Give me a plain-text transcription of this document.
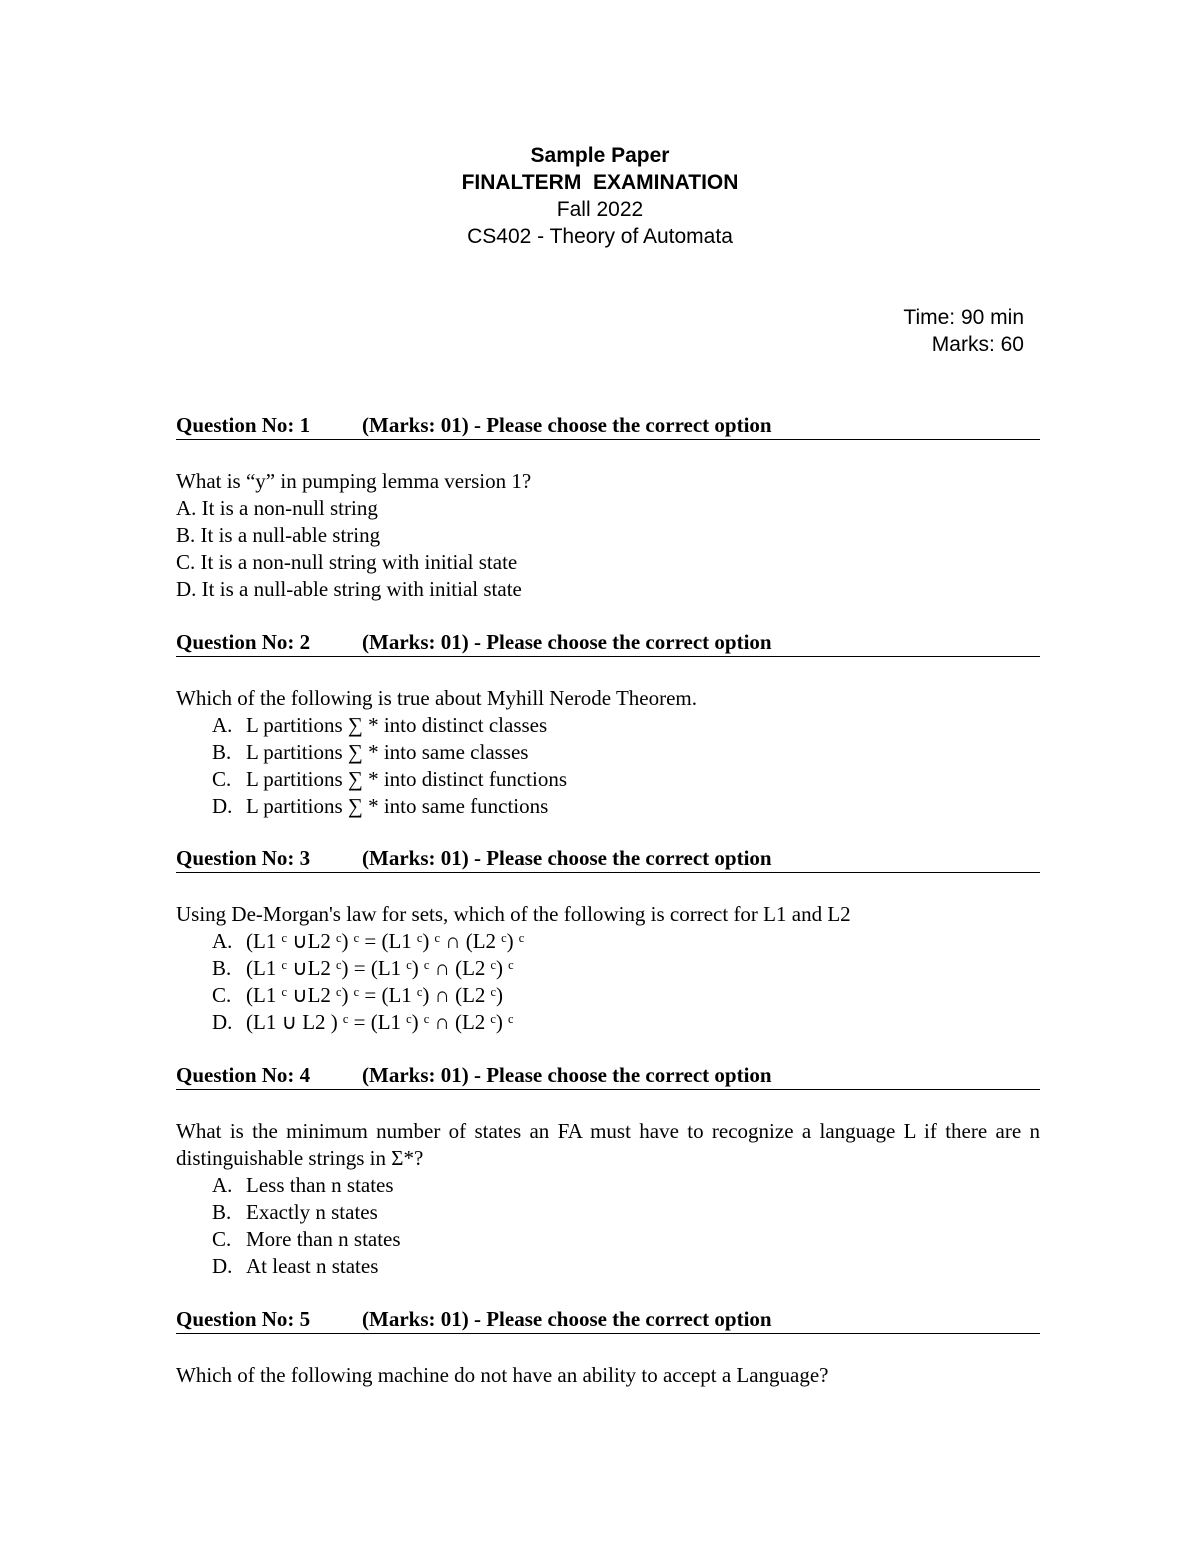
Sample Paper
FINALTERM  EXAMINATION
Fall 2022
CS402 - Theory of Automata
Time: 90 min
Marks: 60
Question No: 1 (Marks: 01) - Please choose the correct option
What is “y” in pumping lemma version 1?
A. It is a non-null string
B. It is a null-able string
C. It is a non-null string with initial state
D. It is a null-able string with initial state
Question No: 2 (Marks: 01) - Please choose the correct option
Which of the following is true about Myhill Nerode Theorem.
A. L partitions ∑ * into distinct classes
B. L partitions ∑ * into same classes
C. L partitions ∑ * into distinct functions
D. L partitions ∑ * into same functions
Question No: 3 (Marks: 01) - Please choose the correct option
Using De-Morgan's law for sets, which of the following is correct for L1 and L2
A. (L1 ᶜ ∪L2 ᶜ) ᶜ = (L1 ᶜ) ᶜ ∩ (L2 ᶜ) ᶜ
B. (L1 ᶜ ∪L2 ᶜ) = (L1 ᶜ) ᶜ ∩ (L2 ᶜ) ᶜ
C. (L1 ᶜ ∪L2 ᶜ) ᶜ = (L1 ᶜ) ∩ (L2 ᶜ)
D. (L1 ∪ L2 ) ᶜ = (L1 ᶜ) ᶜ ∩ (L2 ᶜ) ᶜ
Question No: 4 (Marks: 01) - Please choose the correct option
What is the minimum number of states an FA must have to recognize a language L if there are n distinguishable strings in Σ*?
A. Less than n states
B. Exactly n states
C. More than n states
D. At least n states
Question No: 5 (Marks: 01) - Please choose the correct option
Which of the following machine do not have an ability to accept a Language?
